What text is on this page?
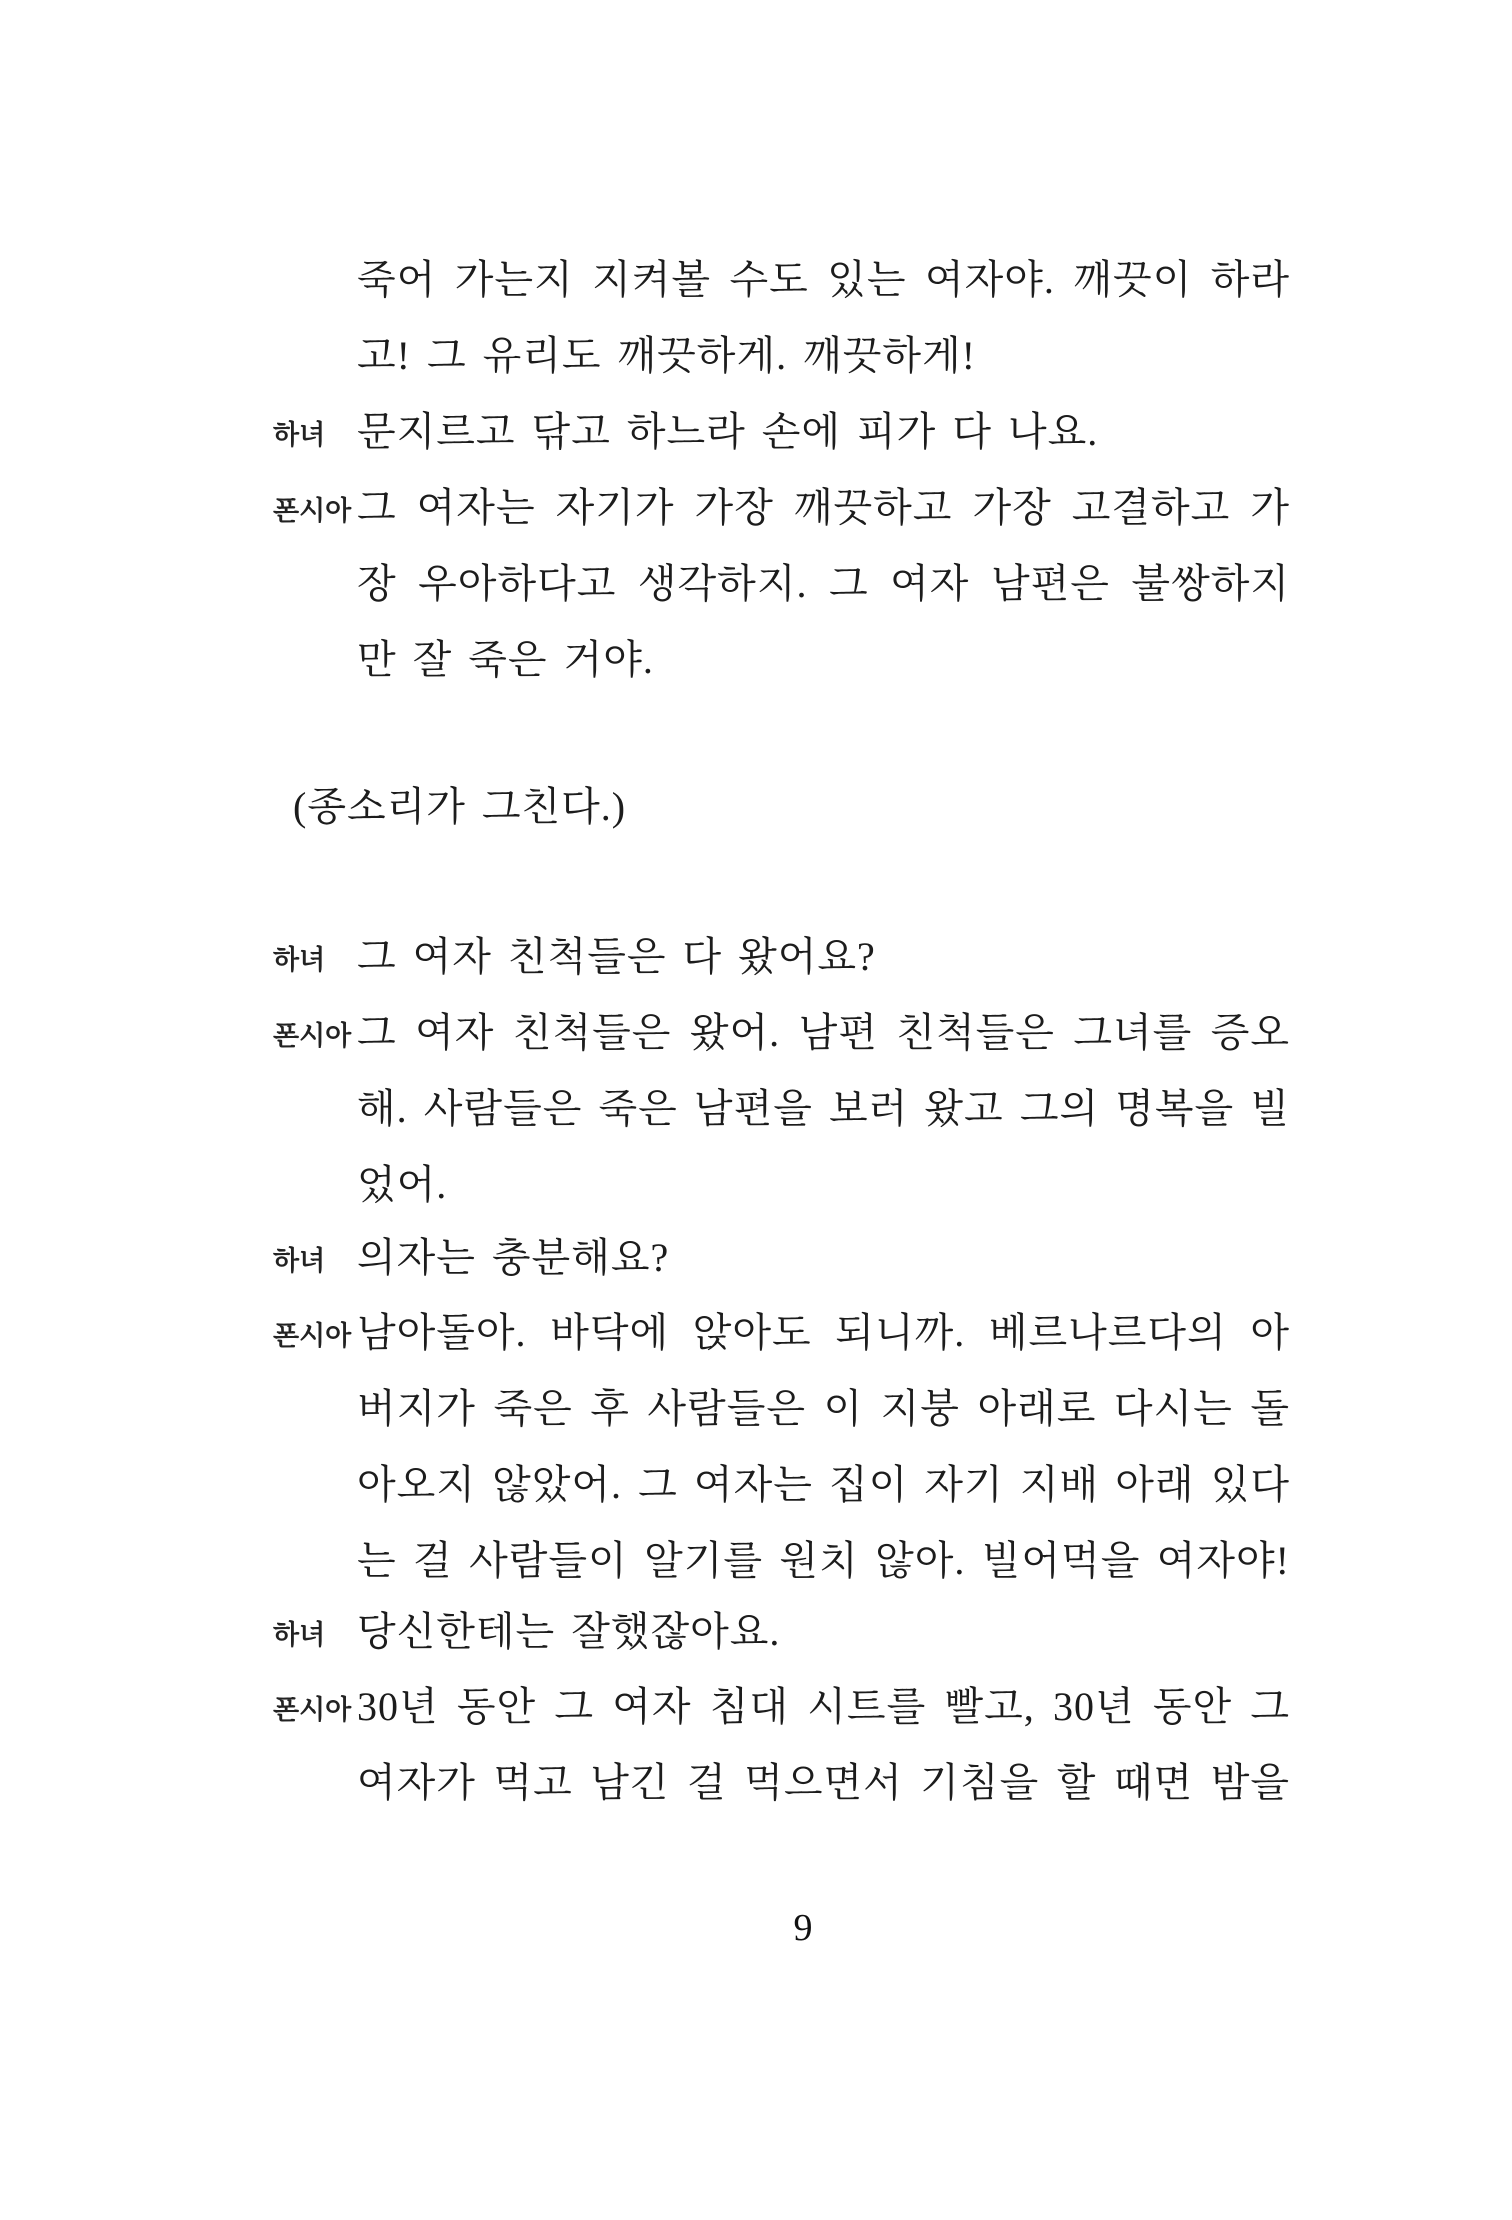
죽어 가는지 지켜볼 수도 있는 여자야. 깨끗이 하라
고! 그 유리도 깨끗하게. 깨끗하게!
하녀 문지르고 닦고 하느라 손에 피가 다 나요.
폰시아 그 여자는 자기가 가장 깨끗하고 가장 고결하고 가
장 우아하다고 생각하지. 그 여자 남편은 불쌍하지
만 잘 죽은 거야.
(종소리가 그친다.)
하녀 그 여자 친척들은 다 왔어요?
폰시아 그 여자 친척들은 왔어. 남편 친척들은 그녀를 증오
해. 사람들은 죽은 남편을 보러 왔고 그의 명복을 빌
었어.
하녀 의자는 충분해요?
폰시아 남아돌아. 바닥에 앉아도 되니까. 베르나르다의 아
버지가 죽은 후 사람들은 이 지붕 아래로 다시는 돌
아오지 않았어. 그 여자는 집이 자기 지배 아래 있다
는 걸 사람들이 알기를 원치 않아. 빌어먹을 여자야!
하녀 당신한테는 잘했잖아요.
폰시아 30년 동안 그 여자 침대 시트를 빨고, 30년 동안 그
여자가 먹고 남긴 걸 먹으면서 기침을 할 때면 밤을
9
